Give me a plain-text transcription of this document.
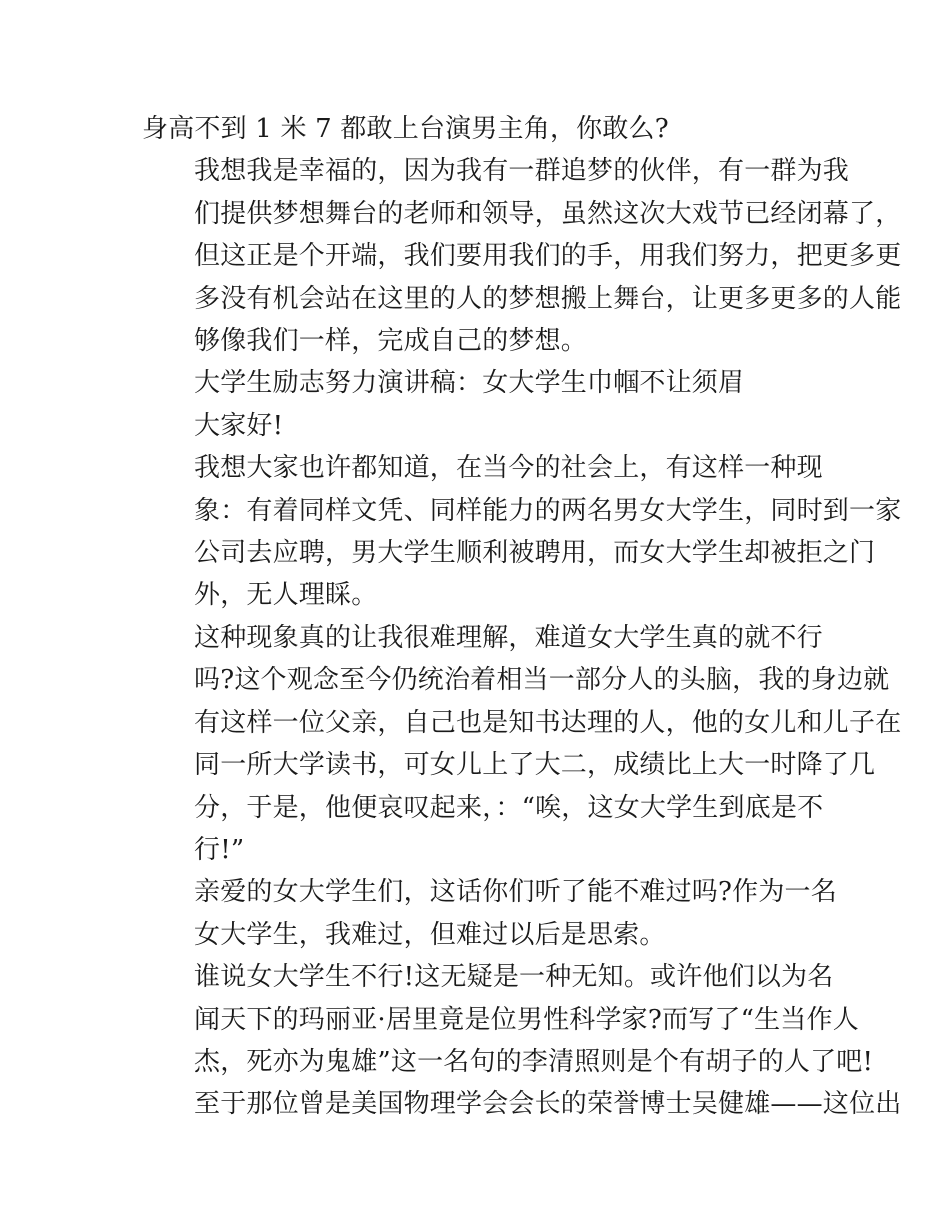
身高不到 1 米 7 都敢上台演男主角，你敢么?
我想我是幸福的，因为我有一群追梦的伙伴，有一群为我
们提供梦想舞台的老师和领导，虽然这次大戏节已经闭幕了，
但这正是个开端，我们要用我们的手，用我们努力，把更多更
多没有机会站在这里的人的梦想搬上舞台，让更多更多的人能
够像我们一样，完成自己的梦想。
大学生励志努力演讲稿：女大学生巾帼不让须眉
大家好!
我想大家也许都知道，在当今的社会上，有这样一种现
象：有着同样文凭、同样能力的两名男女大学生，同时到一家
公司去应聘，男大学生顺利被聘用，而女大学生却被拒之门
外，无人理睬。
这种现象真的让我很难理解，难道女大学生真的就不行
吗?这个观念至今仍统治着相当一部分人的头脑，我的身边就
有这样一位父亲，自己也是知书达理的人，他的女儿和儿子在
同一所大学读书，可女儿上了大二，成绩比上大一时降了几
分，于是，他便哀叹起来，：“唉，这女大学生到底是不
行!”
亲爱的女大学生们，这话你们听了能不难过吗?作为一名
女大学生，我难过，但难过以后是思索。
谁说女大学生不行!这无疑是一种无知。或许他们以为名
闻天下的玛丽亚·居里竟是位男性科学家?而写了“生当作人
杰，死亦为鬼雄”这一名句的李清照则是个有胡子的人了吧!
至于那位曾是美国物理学会会长的荣誉博士吴健雄——这位出
